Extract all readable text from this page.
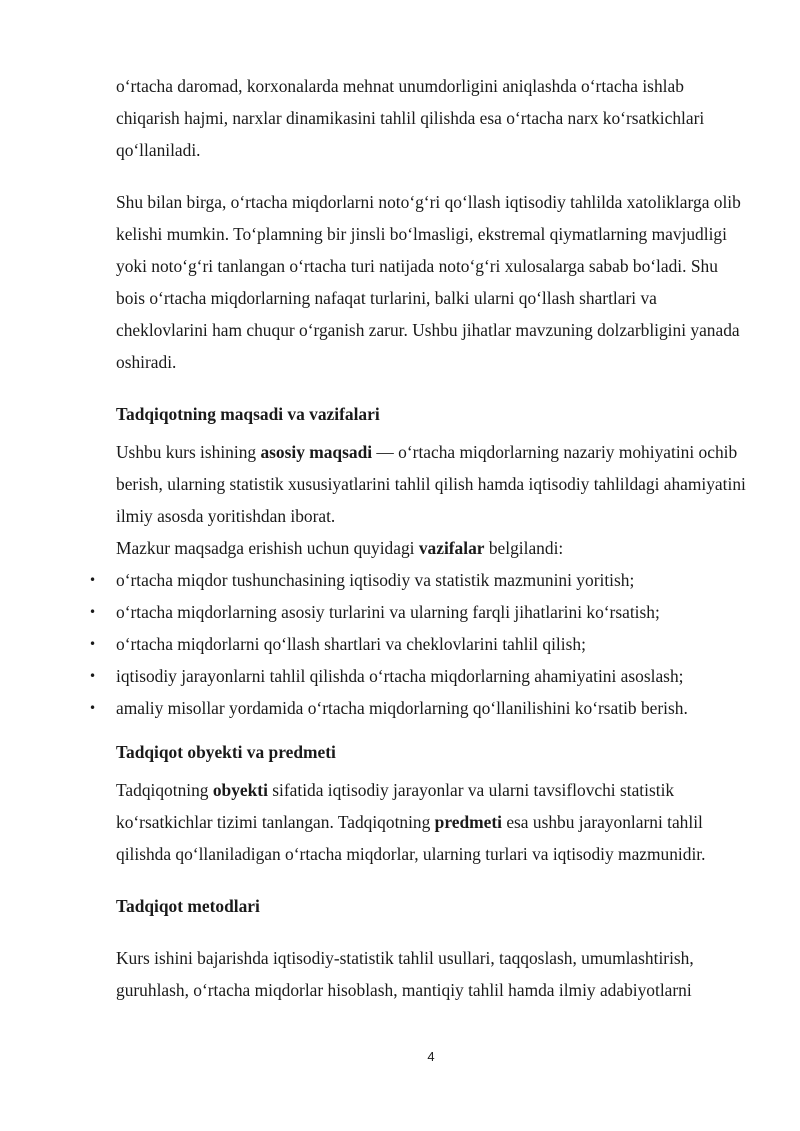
o‘rtacha daromad, korxonalarda mehnat unumdorligini aniqlashda o‘rtacha ishlab chiqarish hajmi, narxlar dinamikasini tahlil qilishda esa o‘rtacha narx ko‘rsatkichlari qo‘llaniladi.

Shu bilan birga, o‘rtacha miqdorlarni noto‘g‘ri qo‘llash iqtisodiy tahlilda xatoliklarga olib kelishi mumkin. To‘plamning bir jinsli bo‘lmasligi, ekstremal qiymatlarning mavjudligi yoki noto‘g‘ri tanlangan o‘rtacha turi natijada noto‘g‘ri xulosalarga sabab bo‘ladi. Shu bois o‘rtacha miqdorlarning nafaqat turlarini, balki ularni qo‘llash shartlari va cheklovlarini ham chuqur o‘rganish zarur. Ushbu jihatlar mavzuning dolzarbligini yanada oshiradi.

Tadqiqotning maqsadi va vazifalari

Ushbu kurs ishining asosiy maqsadi — o‘rtacha miqdorlarning nazariy mohiyatini ochib berish, ularning statistik xususiyatlarini tahlil qilish hamda iqtisodiy tahlildagi ahamiyatini ilmiy asosda yoritishdan iborat.

Mazkur maqsadga erishish uchun quyidagi vazifalar belgilandi:

• o‘rtacha miqdor tushunchasining iqtisodiy va statistik mazmunini yoritish;
• o‘rtacha miqdorlarning asosiy turlarini va ularning farqli jihatlarini ko‘rsatish;
• o‘rtacha miqdorlarni qo‘llash shartlari va cheklovlarini tahlil qilish;
• iqtisodiy jarayonlarni tahlil qilishda o‘rtacha miqdorlarning ahamiyatini asoslash;
• amaliy misollar yordamida o‘rtacha miqdorlarning qo‘llanilishini ko‘rsatib berish.

Tadqiqot obyekti va predmeti

Tadqiqotning obyekti sifatida iqtisodiy jarayonlar va ularni tavsiflovchi statistik ko‘rsatkichlar tizimi tanlangan. Tadqiqotning predmeti esa ushbu jarayonlarni tahlil qilishda qo‘llaniladigan o‘rtacha miqdorlar, ularning turlari va iqtisodiy mazmunidir.

Tadqiqot metodlari

Kurs ishini bajarishda iqtisodiy-statistik tahlil usullari, taqqoslash, umumlashtirish, guruhlash, o‘rtacha miqdorlar hisoblash, mantiqiy tahlil hamda ilmiy adabiyotlarni

4
